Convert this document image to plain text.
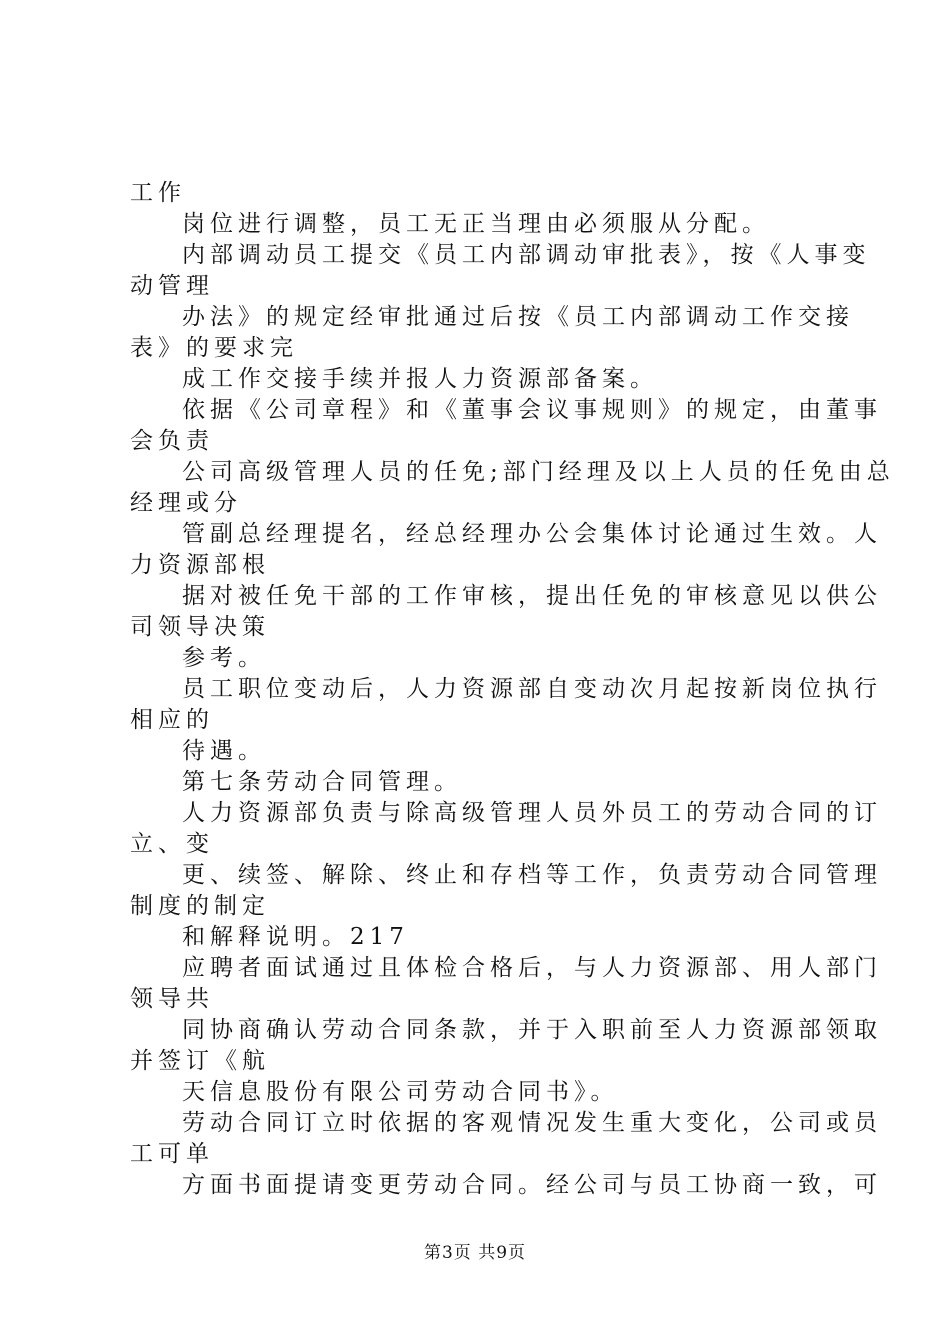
工作
岗位进行调整，员工无正当理由必须服从分配。
内部调动员工提交《员工内部调动审批表》，按《人事变
动管理
办法》的规定经审批通过后按《员工内部调动工作交接
表》的要求完
成工作交接手续并报人力资源部备案。
依据《公司章程》和《董事会议事规则》的规定，由董事
会负责
公司高级管理人员的任免;部门经理及以上人员的任免由总
经理或分
管副总经理提名，经总经理办公会集体讨论通过生效。人
力资源部根
据对被任免干部的工作审核，提出任免的审核意见以供公
司领导决策
参考。
员工职位变动后，人力资源部自变动次月起按新岗位执行
相应的
待遇。
第七条劳动合同管理。
人力资源部负责与除高级管理人员外员工的劳动合同的订
立、变
更、续签、解除、终止和存档等工作，负责劳动合同管理
制度的制定
和解释说明。217
应聘者面试通过且体检合格后，与人力资源部、用人部门
领导共
同协商确认劳动合同条款，并于入职前至人力资源部领取
并签订《航
天信息股份有限公司劳动合同书》。
劳动合同订立时依据的客观情况发生重大变化，公司或员
工可单
方面书面提请变更劳动合同。经公司与员工协商一致，可
第3页 共9页
